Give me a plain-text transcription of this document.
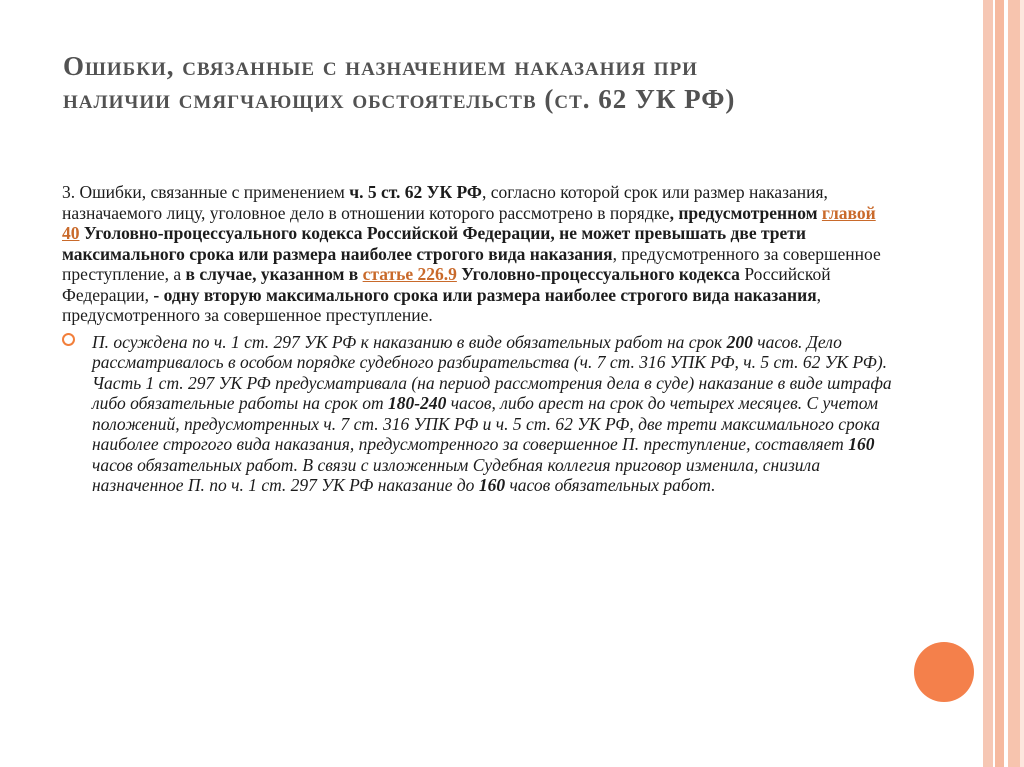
Ошибки, связанные с назначением наказания при
наличии смягчающих обстоятельств (ст. 62 УК РФ)

3. Ошибки, связанные с применением ч. 5 ст. 62 УК РФ, согласно которой срок или размер наказания, назначаемого лицу, уголовное дело в отношении которого рассмотрено в порядке, предусмотренном главой 40 Уголовно-процессуального кодекса Российской Федерации, не может превышать две трети максимального срока или размера наиболее строгого вида наказания, предусмотренного за совершенное преступление, а в случае, указанном в статье 226.9 Уголовно-процессуального кодекса Российской Федерации, - одну вторую максимального срока или размера наиболее строгого вида наказания, предусмотренного за совершенное преступление.

П. осуждена по ч. 1 ст. 297 УК РФ к наказанию в виде обязательных работ на срок 200 часов. Дело рассматривалось в особом порядке судебного разбирательства (ч. 7 ст. 316 УПК РФ, ч. 5 ст. 62 УК РФ). Часть 1 ст. 297 УК РФ предусматривала (на период рассмотрения дела в суде) наказание в виде штрафа либо обязательные работы на срок от 180-240 часов, либо арест на срок до четырех месяцев. С учетом положений, предусмотренных ч. 7 ст. 316 УПК РФ и ч. 5 ст. 62 УК РФ, две трети максимального срока наиболее строгого вида наказания, предусмотренного за совершенное П. преступление, составляет 160 часов обязательных работ. В связи с изложенным Судебная коллегия приговор изменила, снизила назначенное П. по ч. 1 ст. 297 УК РФ наказание до 160 часов обязательных работ.
